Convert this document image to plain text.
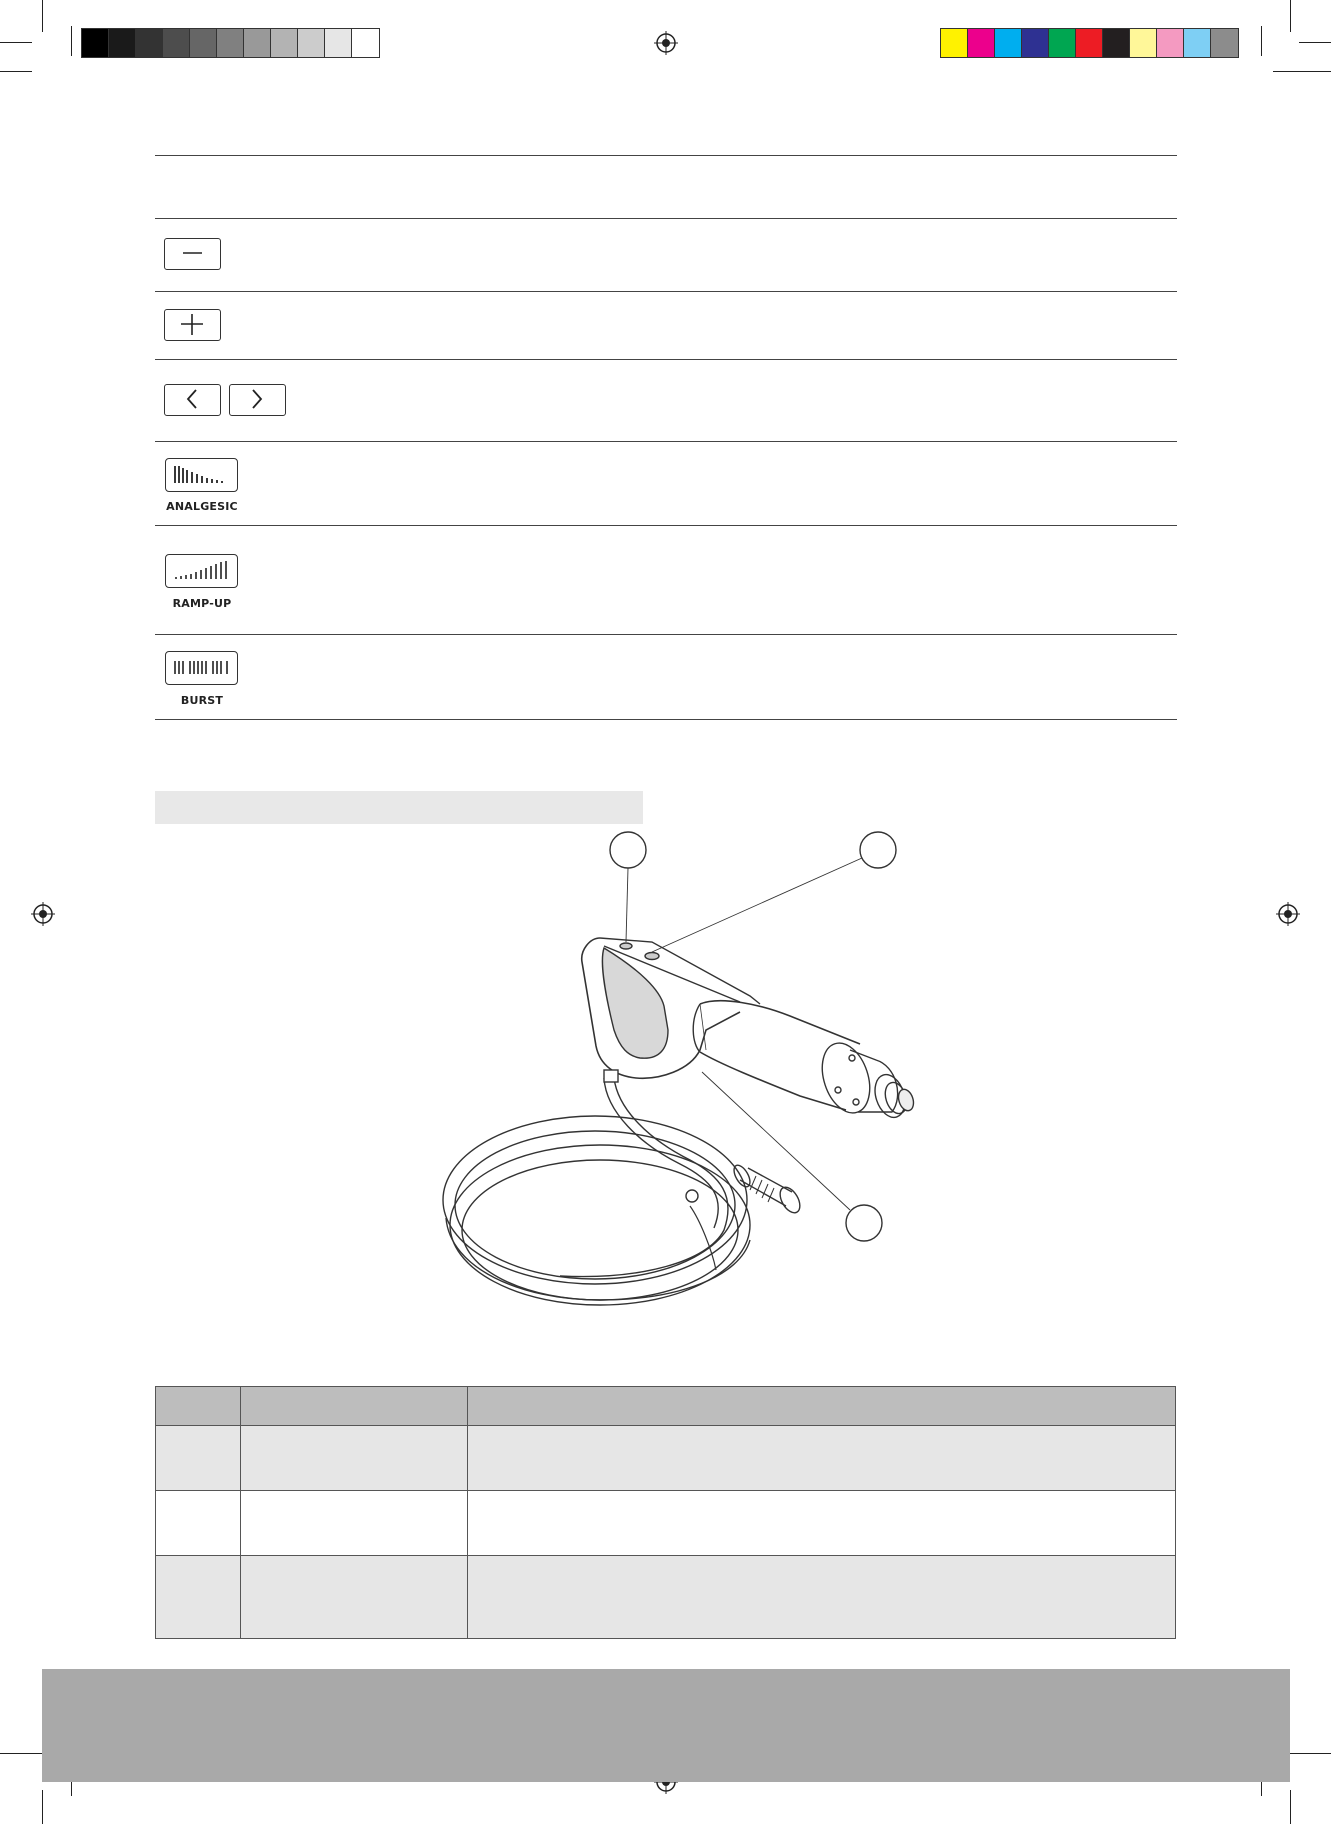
ANALGESIC
RAMP-UP
BURST
